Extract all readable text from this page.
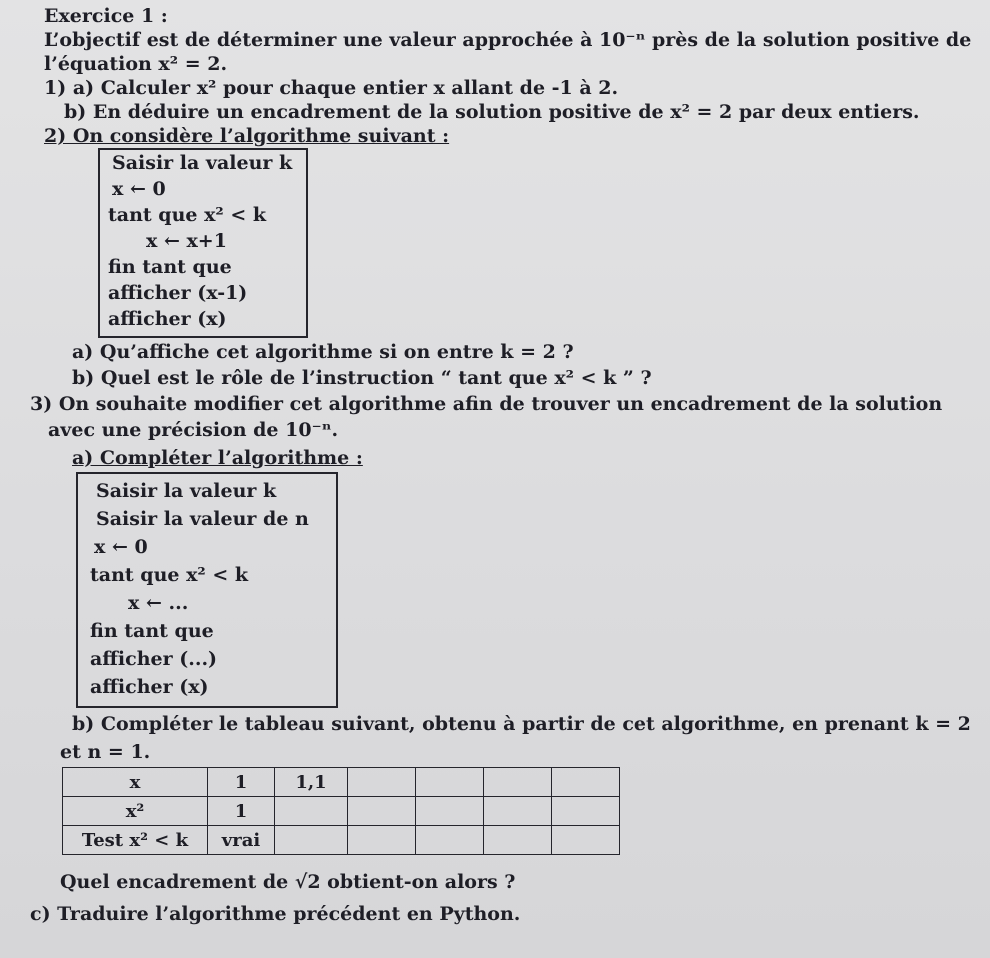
Exercice 1 :
L’objectif est de déterminer une valeur approchée à 10⁻ⁿ près de la solution positive de
l’équation x² = 2.
1) a) Calculer x² pour chaque entier x allant de -1 à 2.
b) En déduire un encadrement de la solution positive de x² = 2 par deux entiers.
2) On considère l’algorithme suivant :
Saisir la valeur k
x ← 0
tant que x² < k
x ← x+1
fin tant que
afficher (x-1)
afficher (x)
a) Qu’affiche cet algorithme si on entre k = 2 ?
b) Quel est le rôle de l’instruction “ tant que x² < k ” ?
3) On souhaite modifier cet algorithme afin de trouver un encadrement de la solution
avec une précision de 10⁻ⁿ.
a) Compléter l’algorithme :
Saisir la valeur k
Saisir la valeur de n
x ← 0
tant que x² < k
x ← ...
fin tant que
afficher (...)
afficher (x)
b) Compléter le tableau suivant, obtenu à partir de cet algorithme, en prenant k = 2
et n = 1.
x	1	1,1				
x²	1					
Test x² < k	vrai					
Quel encadrement de √2 obtient-on alors ?
c) Traduire l’algorithme précédent en Python.
